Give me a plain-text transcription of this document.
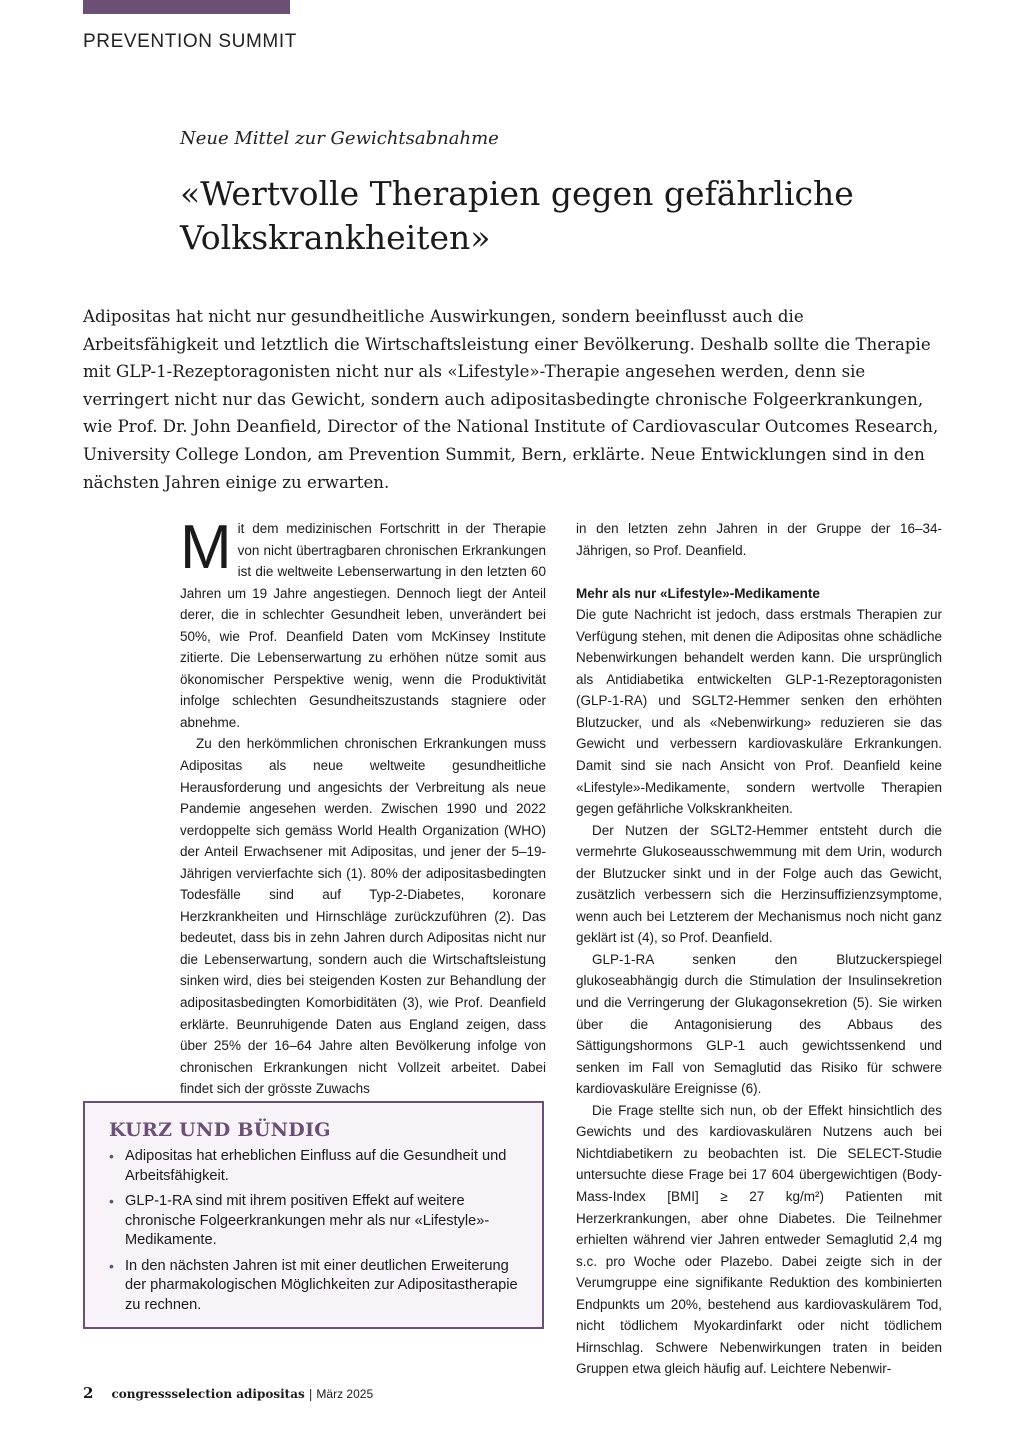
PREVENTION SUMMIT
Neue Mittel zur Gewichtsabnahme
«Wertvolle Therapien gegen gefährliche
Volkskrankheiten»

Adipositas hat nicht nur gesundheitliche Auswirkungen, sondern beeinflusst auch die Arbeitsfähigkeit und letztlich die Wirtschaftsleistung einer Bevölkerung. Deshalb sollte die Therapie mit GLP-1-Rezeptoragonisten nicht nur als «Lifestyle»-Therapie angesehen werden, denn sie verringert nicht nur das Gewicht, sondern auch adipositasbedingte chronische Folgeerkrankungen, wie Prof. Dr. John Deanfield, Director of the National Institute of Cardiovascular Outcomes Research, University College London, am Prevention Summit, Bern, erklärte. Neue Entwicklungen sind in den nächsten Jahren einige zu erwarten.

Mit dem medizinischen Fortschritt in der Therapie von nicht übertragbaren chronischen Erkrankungen ist die weltweite Lebenserwartung in den letzten 60 Jahren um 19 Jahre angestiegen. Dennoch liegt der Anteil derer, die in schlechter Gesundheit leben, unverändert bei 50%, wie Prof. Deanfield Daten vom McKinsey Institute zitierte. Die Lebenserwartung zu erhöhen nütze somit aus ökonomischer Perspektive wenig, wenn die Produktivität infolge schlechten Gesundheitszustands stagniere oder abnehme.

Zu den herkömmlichen chronischen Erkrankungen muss Adipositas als neue weltweite gesundheitliche Herausforderung und angesichts der Verbreitung als neue Pandemie angesehen werden. Zwischen 1990 und 2022 verdoppelte sich gemäss World Health Organization (WHO) der Anteil Erwachsener mit Adipositas, und jener der 5–19-Jährigen vervierfachte sich (1). 80% der adipositasbedingten Todesfälle sind auf Typ-2-Diabetes, koronare Herzkrankheiten und Hirnschläge zurückzuführen (2). Das bedeutet, dass bis in zehn Jahren durch Adipositas nicht nur die Lebenserwartung, sondern auch die Wirtschaftsleistung sinken wird, dies bei steigenden Kosten zur Behandlung der adipositasbedingten Komorbiditäten (3), wie Prof. Deanfield erklärte. Beunruhigende Daten aus England zeigen, dass über 25% der 16–64 Jahre alten Bevölkerung infolge von chronischen Erkrankungen nicht Vollzeit arbeitet. Dabei findet sich der grösste Zuwachs

in den letzten zehn Jahren in der Gruppe der 16–34-Jährigen, so Prof. Deanfield.

Mehr als nur «Lifestyle»-Medikamente

Die gute Nachricht ist jedoch, dass erstmals Therapien zur Verfügung stehen, mit denen die Adipositas ohne schädliche Nebenwirkungen behandelt werden kann. Die ursprünglich als Antidiabetika entwickelten GLP-1-Rezeptoragonisten (GLP-1-RA) und SGLT2-Hemmer senken den erhöhten Blutzucker, und als «Nebenwirkung» reduzieren sie das Gewicht und verbessern kardiovaskuläre Erkrankungen. Damit sind sie nach Ansicht von Prof. Deanfield keine «Lifestyle»-Medikamente, sondern wertvolle Therapien gegen gefährliche Volkskrankheiten.

Der Nutzen der SGLT2-Hemmer entsteht durch die vermehrte Glukoseausschwemmung mit dem Urin, wodurch der Blutzucker sinkt und in der Folge auch das Gewicht, zusätzlich verbessern sich die Herzinsuffizienzsymptome, wenn auch bei Letzterem der Mechanismus noch nicht ganz geklärt ist (4), so Prof. Deanfield.

GLP-1-RA senken den Blutzuckerspiegel glukoseabhängig durch die Stimulation der Insulinsekretion und die Verringerung der Glukagonsekretion (5). Sie wirken über die Antagonisierung des Abbaus des Sättigungshormons GLP-1 auch gewichtssenkend und senken im Fall von Semaglutid das Risiko für schwere kardiovaskuläre Ereignisse (6).

Die Frage stellte sich nun, ob der Effekt hinsichtlich des Gewichts und des kardiovaskulären Nutzens auch bei Nichtdiabetikern zu beobachten ist. Die SELECT-Studie untersuchte diese Frage bei 17 604 übergewichtigen (Body-Mass-Index [BMI] ≥ 27 kg/m²) Patienten mit Herzerkrankungen, aber ohne Diabetes. Die Teilnehmer erhielten während vier Jahren entweder Semaglutid 2,4 mg s.c. pro Woche oder Plazebo. Dabei zeigte sich in der Verumgruppe eine signifikante Reduktion des kombinierten Endpunkts um 20%, bestehend aus kardiovaskulärem Tod, nicht tödlichem Myokardinfarkt oder nicht tödlichem Hirnschlag. Schwere Nebenwirkungen traten in beiden Gruppen etwa gleich häufig auf. Leichtere Nebenwir-

KURZ UND BÜNDIG
• Adipositas hat erheblichen Einfluss auf die Gesundheit und Arbeitsfähigkeit.
• GLP-1-RA sind mit ihrem positiven Effekt auf weitere chronische Folgeerkrankungen mehr als nur «Lifestyle»-Medikamente.
• In den nächsten Jahren ist mit einer deutlichen Erweiterung der pharmakologischen Möglichkeiten zur Adipositastherapie zu rechnen.
2 congressselection adipositas | März 2025
